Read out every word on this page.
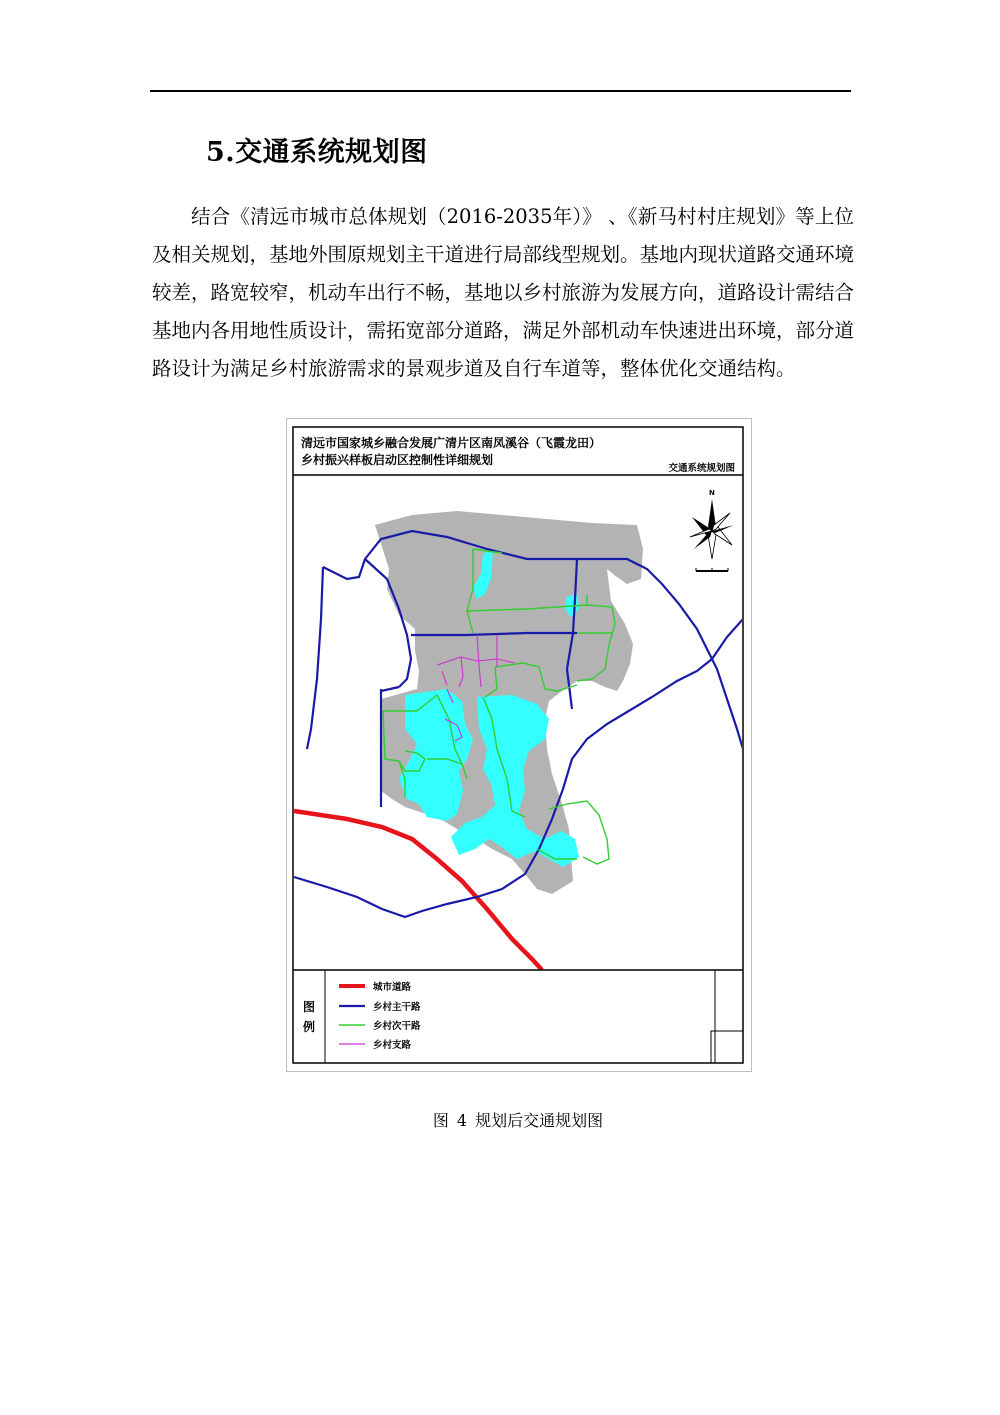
5.交通系统规划图

结合《清远市城市总体规划（2016-2035年）》 、《新马村村庄规划》等上位及相关规划，基地外围原规划主干道进行局部线型规划。基地内现状道路交通环境较差，路宽较窄，机动车出行不畅，基地以乡村旅游为发展方向，道路设计需结合基地内各用地性质设计，需拓宽部分道路，满足外部机动车快速进出环境，部分道路设计为满足乡村旅游需求的景观步道及自行车道等，整体优化交通结构。

清远市国家城乡融合发展广清片区南凤溪谷（飞霞龙田）
乡村振兴样板启动区控制性详细规划
交通系统规划图
N
图
例
城市道路
乡村主干路
乡村次干路
乡村支路
图 4 规划后交通规划图
